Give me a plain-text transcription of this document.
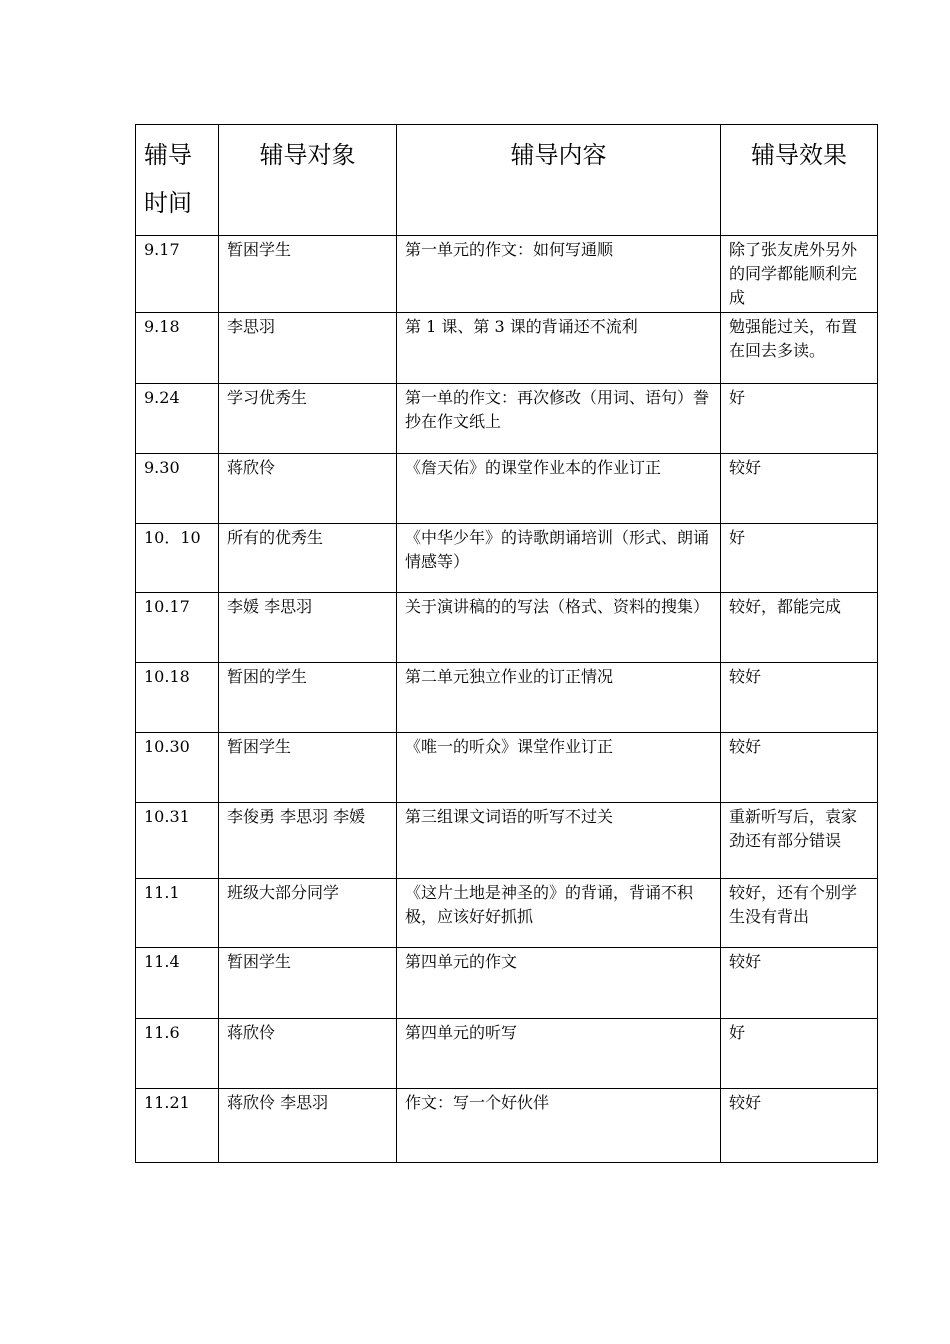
辅导时间	辅导对象	辅导内容	辅导效果
9.17	暂困学生	第一单元的作文：如何写通顺	除了张友虎外另外的同学都能顺利完成
9.18	李思羽	第 1 课、第 3 课的背诵还不流利	勉强能过关，布置在回去多读。
9.24	学习优秀生	第一单的作文：再次修改（用词、语句）誊抄在作文纸上	好
9.30	蒋欣伶	《詹天佑》的课堂作业本的作业订正	较好
10．10	所有的优秀生	《中华少年》的诗歌朗诵培训（形式、朗诵情感等）	好
10.17	李媛 李思羽	关于演讲稿的的写法（格式、资料的搜集）	较好，都能完成
10.18	暂困的学生	第二单元独立作业的订正情况	较好
10.30	暂困学生	《唯一的听众》课堂作业订正	较好
10.31	李俊勇 李思羽 李媛	第三组课文词语的听写不过关	重新听写后，袁家劲还有部分错误
11.1	班级大部分同学	《这片土地是神圣的》的背诵，背诵不积极，应该好好抓抓	较好，还有个别学生没有背出
11.4	暂困学生	第四单元的作文	较好
11.6	蒋欣伶	第四单元的听写	好
11.21	蒋欣伶 李思羽	作文：写一个好伙伴	较好
